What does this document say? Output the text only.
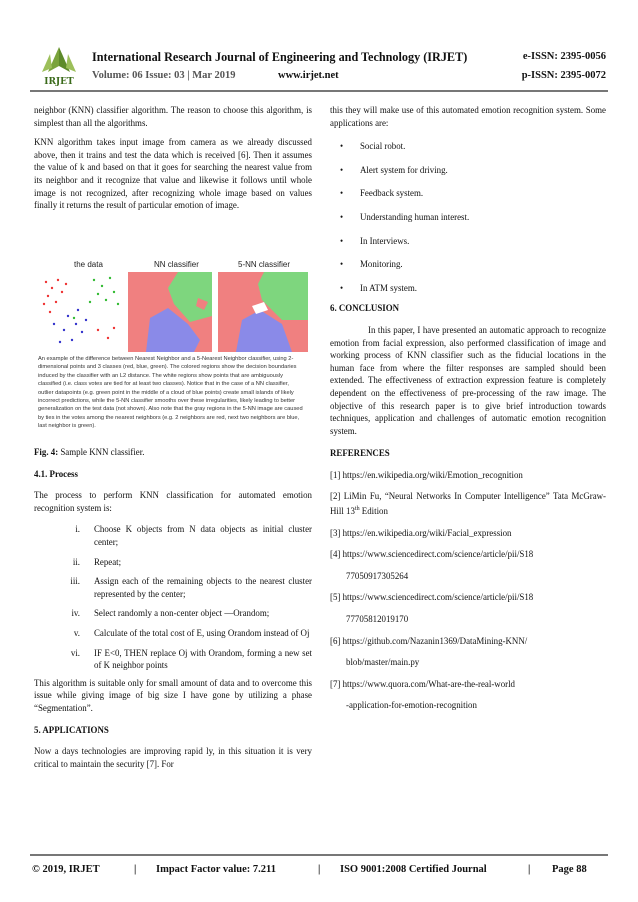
IRJET
International Research Journal of Engineering and Technology (IRJET)	e-ISSN: 2395-0056
Volume: 06 Issue: 03 | Mar 2019	www.irjet.net	p-ISSN: 2395-0072

neighbor (KNN) classifier algorithm. The reason to choose this algorithm, is simplest than all the algorithms.

KNN algorithm takes input image from camera as we already discussed above, then it trains and test the data which is received [6]. Then it assumes the value of k and based on that it goes for searching the nearest value from its neighbor and it recognize that value and likewise it follows until whole image is not recognized, after recognizing whole image based on values finally it returns the result of particular emotion of image.

the data	NN classifier	5-NN classifier
An example of the difference between Nearest Neighbor and a 5-Nearest Neighbor classifier, using 2-dimensional points and 3 classes (red, blue, green). The colored regions show the decision boundaries induced by the classifier with an L2 distance. The white regions show points that are ambiguously classified (i.e. class votes are tied for at least two classes). Notice that in the case of a NN classifier, outlier datapoints (e.g. green point in the middle of a cloud of blue points) create small islands of likely incorrect predictions, while the 5-NN classifier smooths over these irregularities, likely leading to better generalization on the test data (not shown). Also note that the gray regions in the 5-NN image are caused by ties in the votes among the nearest neighbors (e.g. 2 neighbors are red, next two neighbors are blue, last neighbor is green).

Fig. 4: Sample KNN classifier.

4.1. Process

The process to perform KNN classification for automated emotion recognition system is:

i. Choose K objects from N data objects as initial cluster center;

ii. Repeat;

iii. Assign each of the remaining objects to the nearest cluster represented by the center;

iv. Select randomly a non-center object —Orandom;

v. Calculate of the total cost of E, using Orandom instead of Oj

vi. IF E<0, THEN replace Oj with Orandom, forming a new set of K neighbor points

This algorithm is suitable only for small amount of data and to overcome this issue while giving image of big size I have gone by utilizing a phase “Segmentation”.

5. APPLICATIONS

Now a days technologies are improving rapid ly, in this situation it is very critical to maintain the security [7]. For

this they will make use of this automated emotion recognition system. Some applications are:

• Social robot.

• Alert system for driving.

• Feedback system.

• Understanding human interest.

• In Interviews.

• Monitoring.

• In ATM system.

6. CONCLUSION

In this paper, I have presented an automatic approach to recognize emotion from facial expression, also performed classification of image and working process of KNN classifier such as the fiducial locations in the human face from where the filter responses are sampled should been extended. The effectiveness of extraction expression feature is completely dependent on the effectiveness of pre-processing of the raw image. The objective of this research paper is to give brief introduction towards techniques, application and challenges of automatic emotion recognition system.

REFERENCES

[1] https://en.wikipedia.org/wiki/Emotion_recognition

[2] LiMin Fu, “Neural Networks In Computer Intelligence” Tata McGraw-Hill 13th Edition

[3] https://en.wikipedia.org/wiki/Facial_expression

[4] https://www.sciencedirect.com/science/article/pii/S18

77050917305264

[5] https://www.sciencedirect.com/science/article/pii/S18

77705812019170

[6] https://github.com/Nazanin1369/DataMining-KNN/

blob/master/main.py

[7] https://www.quora.com/What-are-the-real-world

-application-for-emotion-recognition

© 2019, IRJET	| Impact Factor value: 7.211	| ISO 9001:2008 Certified Journal	| Page 88
